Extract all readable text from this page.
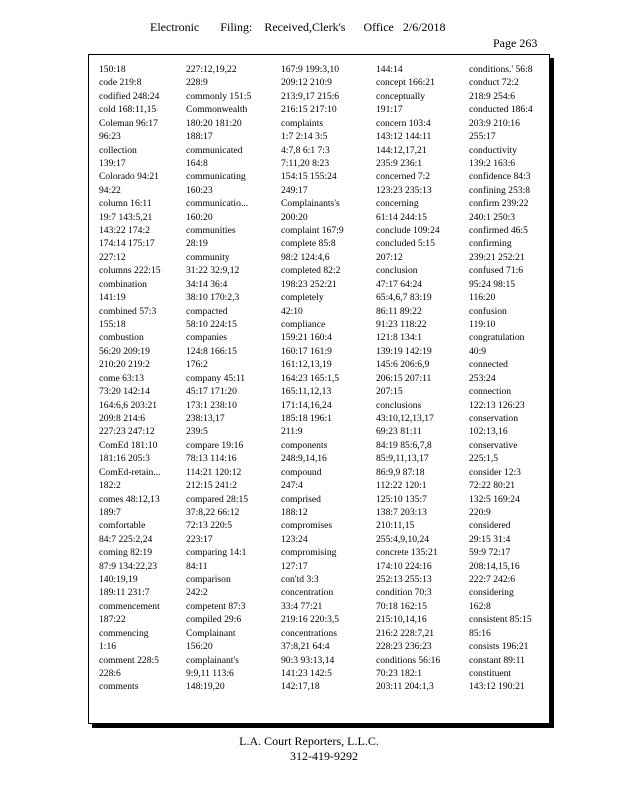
Electronic       Filing:    Received,Clerk's      Office   2/6/2018
Page 263
150:18
code 219:8
codified 248:24
cold 168:11,15
Coleman 96:17
96:23
collection
139:17
Colorado 94:21
94:22
column 16:11
19:7 143:5,21
143:22 174:2
174:14 175:17
227:12
columns 222:15
combination
141:19
combined 57:3
155:18
combustion
56:20 209:19
210:20 219:2
come 63:13
73:20 142:14
164:6,6 203:21
209:8 214:6
227:23 247:12
ComEd 181:10
181:16 205:3
ComEd-retain...
182:2
comes 48:12,13
189:7
comfortable
84:7 225:2,24
coming 82:19
87:9 134:22,23
140:19,19
189:11 231:7
commencement
187:22
commencing
1:16
comment 228:5
228:6
comments
227:12,19,22
228:9
commonly 151:5
Commonwealth
180:20 181:20
188:17
communicated
164:8
communicating
160:23
communicatio...
160:20
communities
28:19
community
31:22 32:9,12
34:14 36:4
38:10 170:2,3
compacted
58:10 224:15
companies
124:8 166:15
176:2
company 45:11
45:17 171:20
173:1 238:10
238:13,17
239:5
compare 19:16
78:13 114:16
114:21 120:12
212:15 241:2
compared 28:15
37:8,22 66:12
72:13 220:5
223:17
comparing 14:1
84:11
comparison
242:2
competent 87:3
compiled 29:6
Complainant
156:20
complainant's
9:9,11 113:6
148:19,20
167:9 199:3,10
209:12 210:9
213:9,17 215:6
216:15 217:10
complaints
1:7 2:14 3:5
4:7,8 6:1 7:3
7:11,20 8:23
154:15 155:24
249:17
Complainants's
200:20
complaint 167:9
complete 85:8
98:2 124:4,6
completed 82:2
198:23 252:21
completely
42:10
compliance
159:21 160:4
160:17 161:9
161:12,13,19
164:23 165:1,5
165:11,12,13
171:14,16,24
185:18 196:1
211:9
components
248:9,14,16
compound
247:4
comprised
188:12
compromises
123:24
compromising
127:17
con'td 3:3
concentration
33:4 77:21
219:16 220:3,5
concentrations
37:8,21 64:4
90:3 93:13,14
141:23 142:5
142:17,18
144:14
concept 166:21
conceptually
191:17
concern 103:4
143:12 144:11
144:12,17,21
235:9 236:1
concerned 7:2
123:23 235:13
concerning
61:14 244:15
conclude 109:24
concluded 5:15
207:12
conclusion
47:17 64:24
65:4,6,7 83:19
86:11 89:22
91:23 118:22
121:8 134:1
139:19 142:19
145:6 206:6,9
206:15 207:11
207:15
conclusions
43:10,12,13,17
69:23 81:11
84:19 85:6,7,8
85:9,11,13,17
86:9,9 87:18
112:22 120:1
125:10 135:7
138:7 203:13
210:11,15
255:4,9,10,24
concrete 135:21
174:10 224:16
252:13 255:13
condition 70:3
70:18 162:15
215:10,14,16
216:2 228:7,21
228:23 236:23
conditions 56:16
70:23 182:1
203:11 204:1,3
conditions.' 56:8
conduct 72:2
218:9 254:6
conducted 186:4
203:9 210:16
255:17
conductivity
139:2 163:6
confidence 84:3
confining 253:8
confirm 239:22
240:1 250:3
confirmed 46:5
confirming
239:21 252:21
confused 71:6
95:24 98:15
116:20
confusion
119:10
congratulation
40:9
connected
253:24
connection
122:13 126:23
conservation
102:13,16
conservative
225:1,5
consider 12:3
72:22 80:21
132:5 169:24
220:9
considered
29:15 31:4
59:9 72:17
208:14,15,16
222:7 242:6
considering
162:8
consistent 85:15
85:16
consists 196:21
constant 89:11
constituent
143:12 190:21
L.A. Court Reporters, L.L.C.
312-419-9292
